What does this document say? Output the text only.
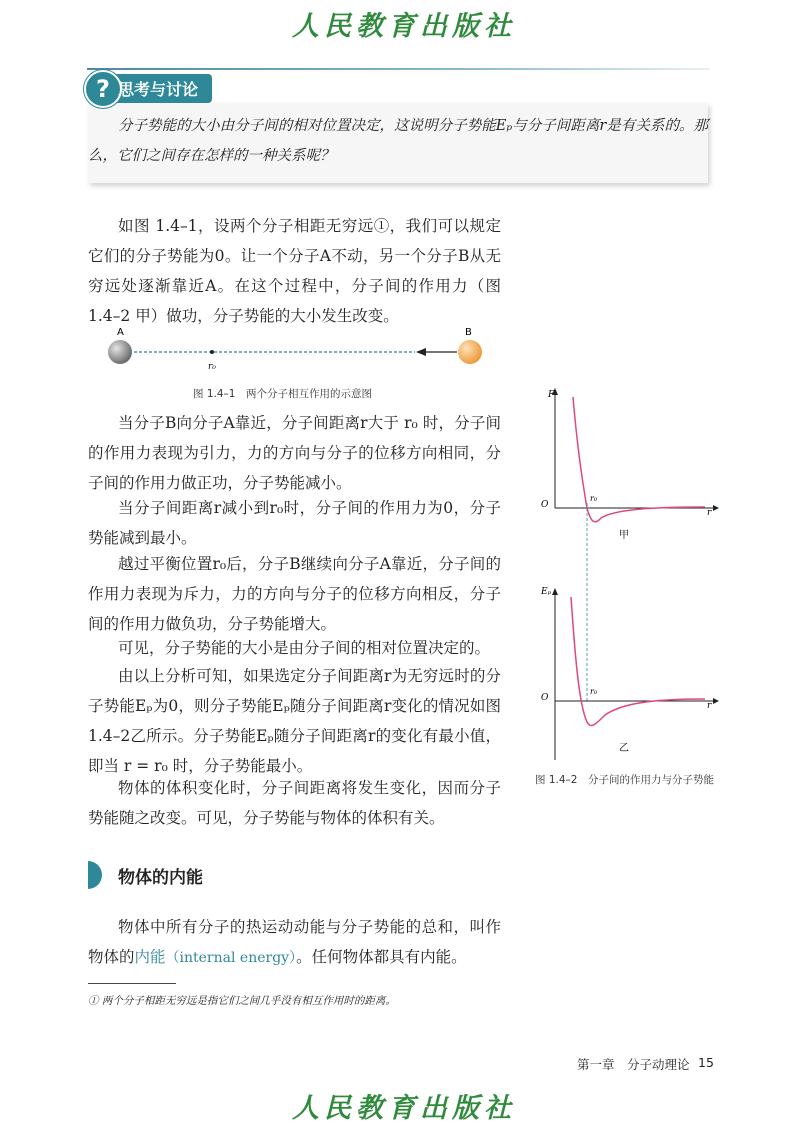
人民教育出版社
? 思考与讨论
分子势能的大小由分子间的相对位置决定，这说明分子势能Eₚ与分子间距离r是有关系的。那么，它们之间存在怎样的一种关系呢？
如图 1.4–1，设两个分子相距无穷远①，我们可以规定它们的分子势能为0。让一个分子A不动，另一个分子B从无穷远处逐渐靠近A。在这个过程中，分子间的作用力（图 1.4–2 甲）做功，分子势能的大小发生改变。
A	B
r₀
图 1.4–1　两个分子相互作用的示意图
当分子B向分子A靠近，分子间距离r大于 r₀ 时，分子间的作用力表现为引力，力的方向与分子的位移方向相同，分子间的作用力做正功，分子势能减小。
当分子间距离r减小到r₀时，分子间的作用力为0，分子势能减到最小。
越过平衡位置r₀后，分子B继续向分子A靠近，分子间的作用力表现为斥力，力的方向与分子的位移方向相反，分子间的作用力做负功，分子势能增大。
可见，分子势能的大小是由分子间的相对位置决定的。
由以上分析可知，如果选定分子间距离r为无穷远时的分子势能Eₚ为0，则分子势能Eₚ随分子间距离r变化的情况如图1.4–2乙所示。分子势能Eₚ随分子间距离r的变化有最小值，即当 r = r₀ 时，分子势能最小。
物体的体积变化时，分子间距离将发生变化，因而分子势能随之改变。可见，分子势能与物体的体积有关。
F
r
O
r₀
甲
Eₚ
r
O
r₀
乙
图 1.4–2　分子间的作用力与分子势能
物体的内能
物体中所有分子的热运动动能与分子势能的总和，叫作物体的内能（internal energy）。任何物体都具有内能。
① 两个分子相距无穷远是指它们之间几乎没有相互作用时的距离。
第一章　分子动理论 15
人民教育出版社
